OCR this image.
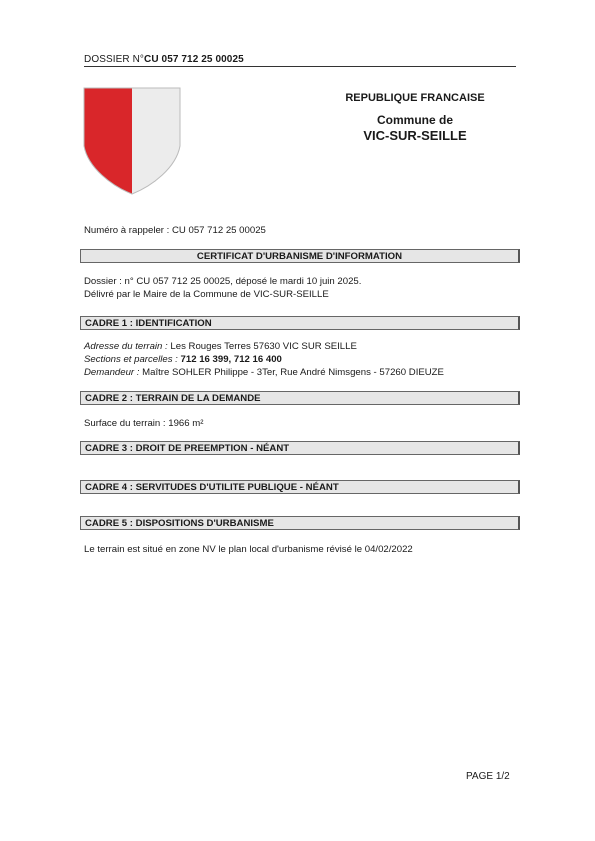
DOSSIER N°CU 057 712 25 00025
REPUBLIQUE FRANCAISE
Commune de
VIC-SUR-SEILLE
Numéro à rappeler : CU 057 712 25 00025
CERTIFICAT D'URBANISME D'INFORMATION
Dossier : n° CU 057 712 25 00025, déposé le mardi 10 juin 2025.
Délivré par le Maire de la Commune de VIC-SUR-SEILLE
CADRE 1 : IDENTIFICATION
Adresse du terrain : Les Rouges Terres 57630 VIC SUR SEILLE
Sections et parcelles : 712 16 399, 712 16 400
Demandeur : Maître SOHLER Philippe - 3Ter, Rue André Nimsgens - 57260 DIEUZE
CADRE 2 : TERRAIN DE LA DEMANDE
Surface du terrain : 1966 m²
CADRE 3 : DROIT DE PREEMPTION - NÉANT
CADRE 4 : SERVITUDES D'UTILITE PUBLIQUE - NÉANT
CADRE 5 : DISPOSITIONS D'URBANISME
Le terrain est situé en zone NV le plan local d'urbanisme révisé le 04/02/2022
PAGE 1/2
